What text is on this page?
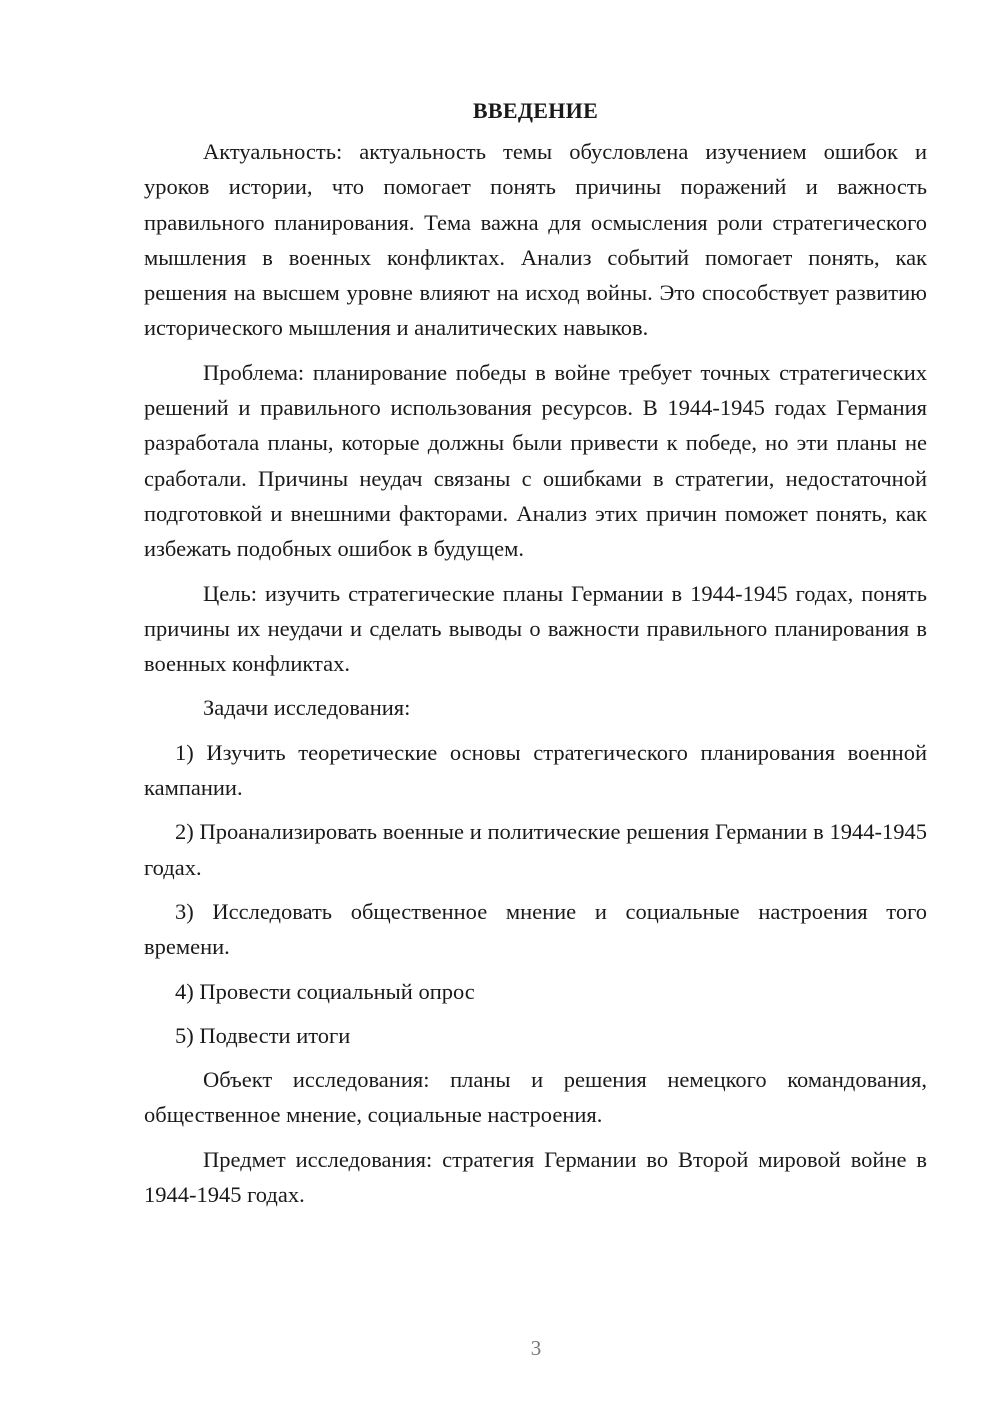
ВВЕДЕНИЕ

Актуальность: актуальность темы обусловлена изучением ошибок и уроков истории, что помогает понять причины поражений и важность правильного планирования. Тема важна для осмысления роли стратегического мышления в военных конфликтах. Анализ событий помогает понять, как решения на высшем уровне влияют на исход войны. Это способствует развитию исторического мышления и аналитических навыков.

Проблема: планирование победы в войне требует точных стратегических решений и правильного использования ресурсов. В 1944-1945 годах Германия разработала планы, которые должны были привести к победе, но эти планы не сработали. Причины неудач связаны с ошибками в стратегии, недостаточной подготовкой и внешними факторами. Анализ этих причин поможет понять, как избежать подобных ошибок в будущем.

Цель: изучить стратегические планы Германии в 1944-1945 годах, понять причины их неудачи и сделать выводы о важности правильного планирования в военных конфликтах.

Задачи исследования:

1) Изучить теоретические основы стратегического планирования военной кампании.

2) Проанализировать военные и политические решения Германии в 1944-1945 годах.

3) Исследовать общественное мнение и социальные настроения того времени.

4) Провести социальный опрос

5) Подвести итоги

Объект исследования: планы и решения немецкого командования, общественное мнение, социальные настроения.

Предмет исследования: стратегия Германии во Второй мировой войне в 1944-1945 годах.

3
